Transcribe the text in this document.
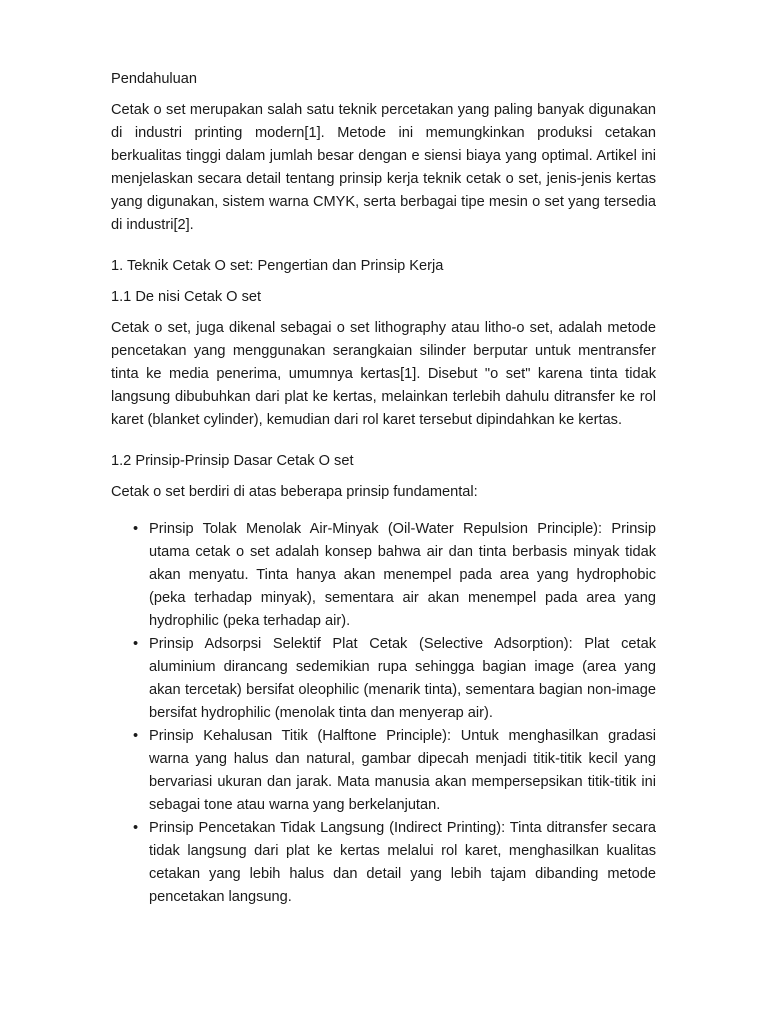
Pendahuluan

Cetak o set merupakan salah satu teknik percetakan yang paling banyak digunakan di industri printing modern[1]. Metode ini memungkinkan produksi cetakan berkualitas tinggi dalam jumlah besar dengan e siensi biaya yang optimal. Artikel ini menjelaskan secara detail tentang prinsip kerja teknik cetak o set, jenis-jenis kertas yang digunakan, sistem warna CMYK, serta berbagai tipe mesin o set yang tersedia di industri[2].

1. Teknik Cetak O set: Pengertian dan Prinsip Kerja

1.1 De nisi Cetak O set

Cetak o set, juga dikenal sebagai o set lithography atau litho-o set, adalah metode pencetakan yang menggunakan serangkaian silinder berputar untuk mentransfer tinta ke media penerima, umumnya kertas[1]. Disebut "o set" karena tinta tidak langsung dibubuhkan dari plat ke kertas, melainkan terlebih dahulu ditransfer ke rol karet (blanket cylinder), kemudian dari rol karet tersebut dipindahkan ke kertas.

1.2 Prinsip-Prinsip Dasar Cetak O set

Cetak o set berdiri di atas beberapa prinsip fundamental:

• Prinsip Tolak Menolak Air-Minyak (Oil-Water Repulsion Principle): Prinsip utama cetak o set adalah konsep bahwa air dan tinta berbasis minyak tidak akan menyatu. Tinta hanya akan menempel pada area yang hydrophobic (peka terhadap minyak), sementara air akan menempel pada area yang hydrophilic (peka terhadap air).
• Prinsip Adsorpsi Selektif Plat Cetak (Selective Adsorption): Plat cetak aluminium dirancang sedemikian rupa sehingga bagian image (area yang akan tercetak) bersifat oleophilic (menarik tinta), sementara bagian non-image bersifat hydrophilic (menolak tinta dan menyerap air).
• Prinsip Kehalusan Titik (Halftone Principle): Untuk menghasilkan gradasi warna yang halus dan natural, gambar dipecah menjadi titik-titik kecil yang bervariasi ukuran dan jarak. Mata manusia akan mempersepsikan titik-titik ini sebagai tone atau warna yang berkelanjutan.
• Prinsip Pencetakan Tidak Langsung (Indirect Printing): Tinta ditransfer secara tidak langsung dari plat ke kertas melalui rol karet, menghasilkan kualitas cetakan yang lebih halus dan detail yang lebih tajam dibanding metode pencetakan langsung.
